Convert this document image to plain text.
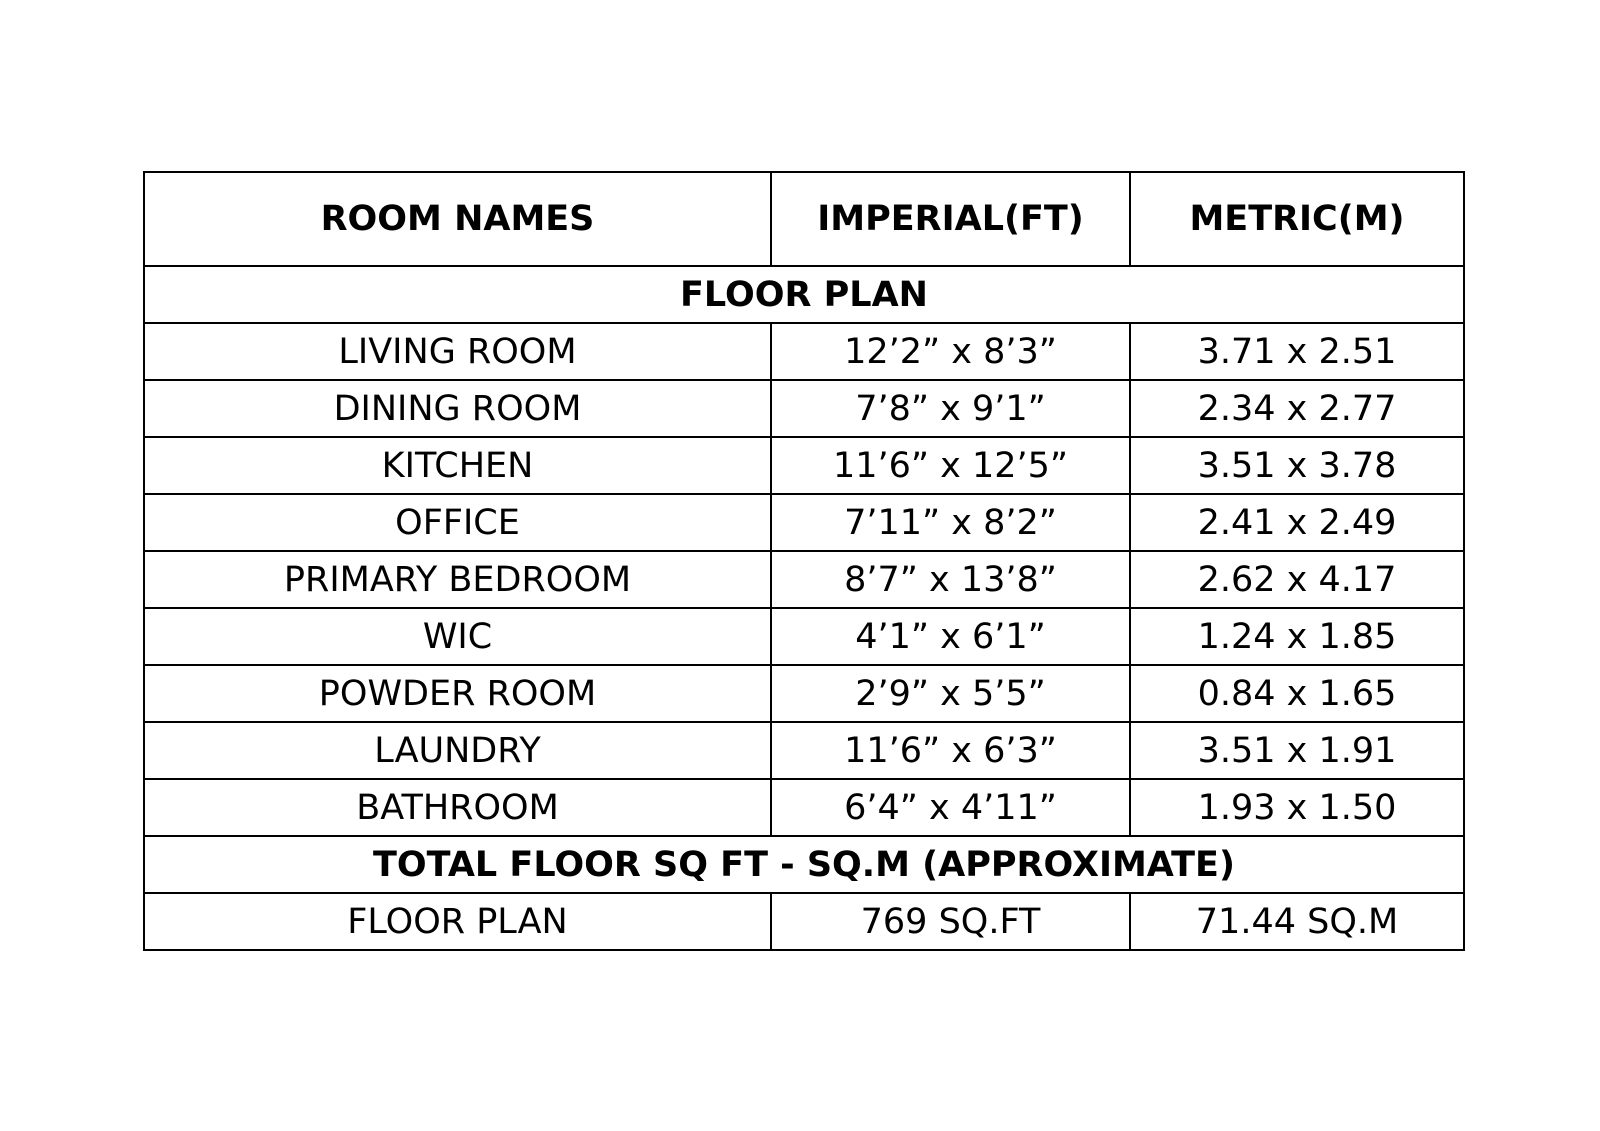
ROOM NAMES	IMPERIAL(FT)	METRIC(M)
FLOOR PLAN		
LIVING ROOM	12’2” x 8’3”	3.71 x 2.51
DINING ROOM	7’8” x 9’1”	2.34 x 2.77
KITCHEN	11’6” x 12’5”	3.51 x 3.78
OFFICE	7’11” x 8’2”	2.41 x 2.49
PRIMARY BEDROOM	8’7” x 13’8”	2.62 x 4.17
WIC	4’1” x 6’1”	1.24 x 1.85
POWDER ROOM	2’9” x 5’5”	0.84 x 1.65
LAUNDRY	11’6” x 6’3”	3.51 x 1.91
BATHROOM	6’4” x 4’11”	1.93 x 1.50
TOTAL FLOOR SQ FT - SQ.M (APPROXIMATE)		
FLOOR PLAN	769 SQ.FT	71.44 SQ.M
